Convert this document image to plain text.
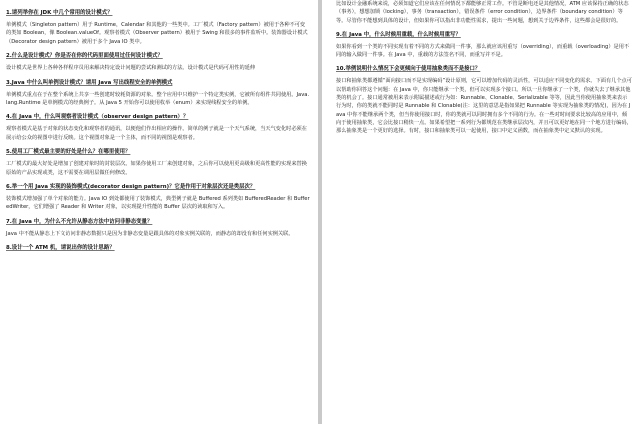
1.请列举你在 JDK 中几个常用的设计模式？

单例模式（Singleton pattern）用于 Runtime，Calendar 和其他的一些类中。工厂模式（Factory pattern）被用于各种不可变的类如 Boolean，像 Boolean.valueOf。观察者模式（Observer pattern）被用于 Swing 和很多的事件监听中。装饰器设计模式（Decorator design pattern）被用于多个 Java IO 类中。

2.什么是设计模式？你是否在你的代码里面使用过任何设计模式？

设计模式是世界上各种各样程序员用来解决特定设计问题的尝试和测试的方法。设计模式是代码可用性的延伸

3.Java 中什么叫单例设计模式？请用 Java 写出线程安全的单例模式

单例模式重点在于在整个系统上共享一些创建时较耗资源的对象。整个应用中只维护一个特定类实例，它被所有组件共同使用。Java.lang.Runtime 是单例模式的经典例子。从 Java 5 开始你可以使用枚举（enum）来实现线程安全的单例。

4.在 Java 中，什么叫观察者设计模式（observer design pattern）？

观察者模式是基于对象的状态变化和观察者的通讯，以便他们作出相应的操作。简单的例子就是一个天气系统，当天气变化时必须在展示给公众的视图中进行反映。这个视图对象是一个主体，而不同的视图是观察者。

5.使用工厂模式最主要的好处是什么？在哪里使用？

工厂模式的最大好处是增加了创建对象时的封装层次。如果你使用工厂来创建对象，之后你可以使用更高级和更高性能的实现来替换原始的产品实现或类，这不需要在调用层做任何修改。

6.举一个用 Java 实现的装饰模式(decorator design pattern)？它是作用于对象层次还是类层次？

装饰模式增加强了单个对象的能力。Java IO 到处都使用了装饰模式，典型例子就是 Buffered 系列类如 BufferedReader 和 BufferedWriter，它们增强了 Reader 和 Writer 对象，以实现提升性能的 Buffer 层次的读取和写入。

7.在 Java 中，为什么不允许从静态方法中访问非静态变量？

Java 中不能从静态上下文访问非静态数据只是因为非静态变量是跟具体的对象实例关联的，而静态的却没有和任何实例关联。

8.设计一个 ATM 机，请说出你的设计思路？

比如设计金融系统来说，必须知道它们应该在任何情况下都能够正常工作。不管是断电还是其他情况，ATM 应该保持正确的状态（事务），想想加锁（locking），事务（transaction），错误条件（error condition），边界条件（boundary condition）等等。尽管你不能想到具体的设计，但如果你可以指出非功能性需求，提出一些问题，想到关于边界条件，这些都会是很好的。

9.在 Java 中，什么时候用重载，什么时候用重写？

如果你看到一个类的不同实现有着不同的方式来做同一件事，那么就应该用重写（overriding），而重载（overloading）是用不同的输入做同一件事。在 Java 中，重载的方法签名不同，而重写并不是。

10.举例说明什么情况下会更倾向于使用抽象类而不是接口？

接口和抽象类都遵循“面向接口而不是实现编码”设计原则，它可以增加代码的灵活性，可以适应不同变化的需求。下面有几个点可以帮助你回答这个问题：在 Java 中，你只能继承一个类，但可以实现多个接口。所以一旦你继承了一个类，你就失去了继承其他类的机会了。接口通常被用来表示附属描述或行为如：Runnable、Clonable、Serializable 等等，因此当你使用抽象类来表示行为时，你的类就不能同时是 Runnable 和 Clonable(注：这里的意思是指如果把 Runnable 等实现为抽象类的情况)，因为在 Java 中你不能继承两个类，但当你使用接口时，你的类就可以同时拥有多个不同的行为。在一些对时间要求比较高的应用中，倾向于使用抽象类，它会比接口稍快一点。如果希望把一系列行为都规范在类继承层次内，并且可以更好地在同一个地方进行编码，那么抽象类是一个更好的选择。有时，接口和抽象类可以一起使用，接口中定义函数，而在抽象类中定义默认的实现。
